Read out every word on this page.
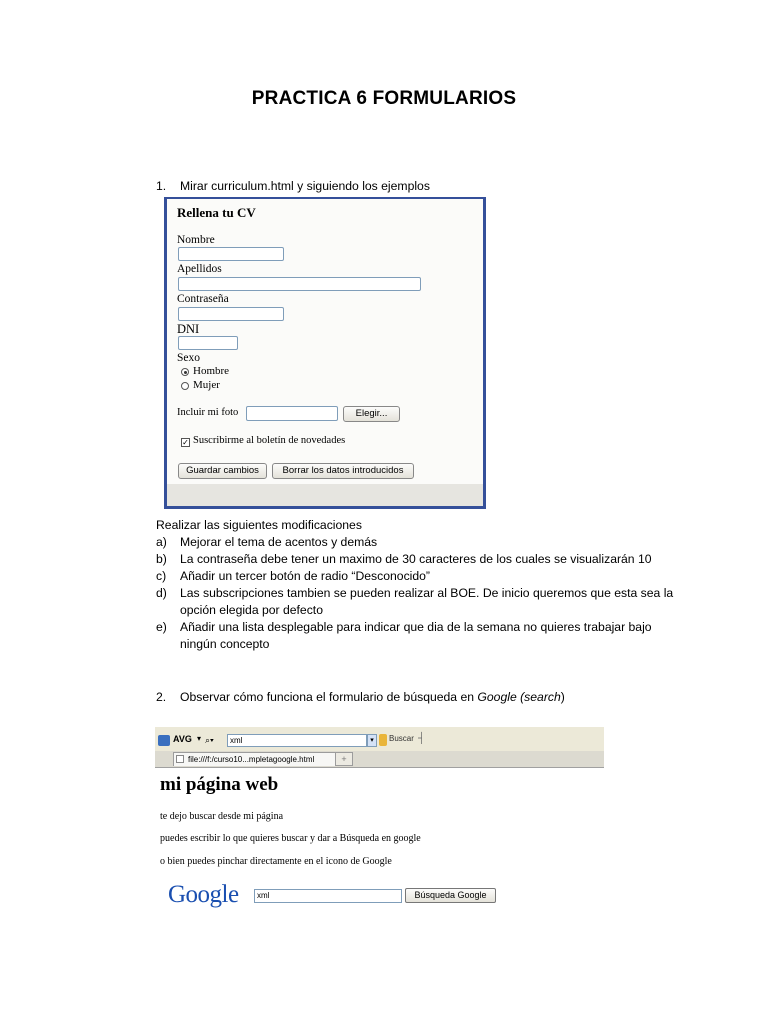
PRACTICA 6 FORMULARIOS
1. Mirar curriculum.html y siguiendo los ejemplos
Rellena tu CV
Nombre
Apellidos
Contraseña
DNI
Sexo
Hombre
Mujer
Incluir mi foto	Elegir...
✓ Suscribirme al boletín de novedades
Guardar cambios	Borrar los datos introducidos
Realizar las siguientes modificaciones
a) Mejorar el tema de acentos y demás
b) La contraseña debe tener un maximo de 30 caracteres de los cuales se visualizarán 10
c) Añadir un tercer botón de radio “Desconocido”
d) Las subscripciones tambien se pueden realizar al BOE. De inicio queremos que esta sea la
opción elegida por defecto
e) Añadir una lista desplegable para indicar que dia de la semana no quieres trabajar bajo
ningún concepto
2. Observar cómo funciona el formulario de búsqueda en Google (search)
AVG ▾ ⌕▾	xml	▾	Buscar ┤
file:///f:/curso10...mpletagoogle.html	+
mi página web
te dejo buscar desde mi página
puedes escribir lo que quieres buscar y dar a Búsqueda en google
o bien puedes pinchar directamente en el icono de Google
Google	xml	Búsqueda Google
